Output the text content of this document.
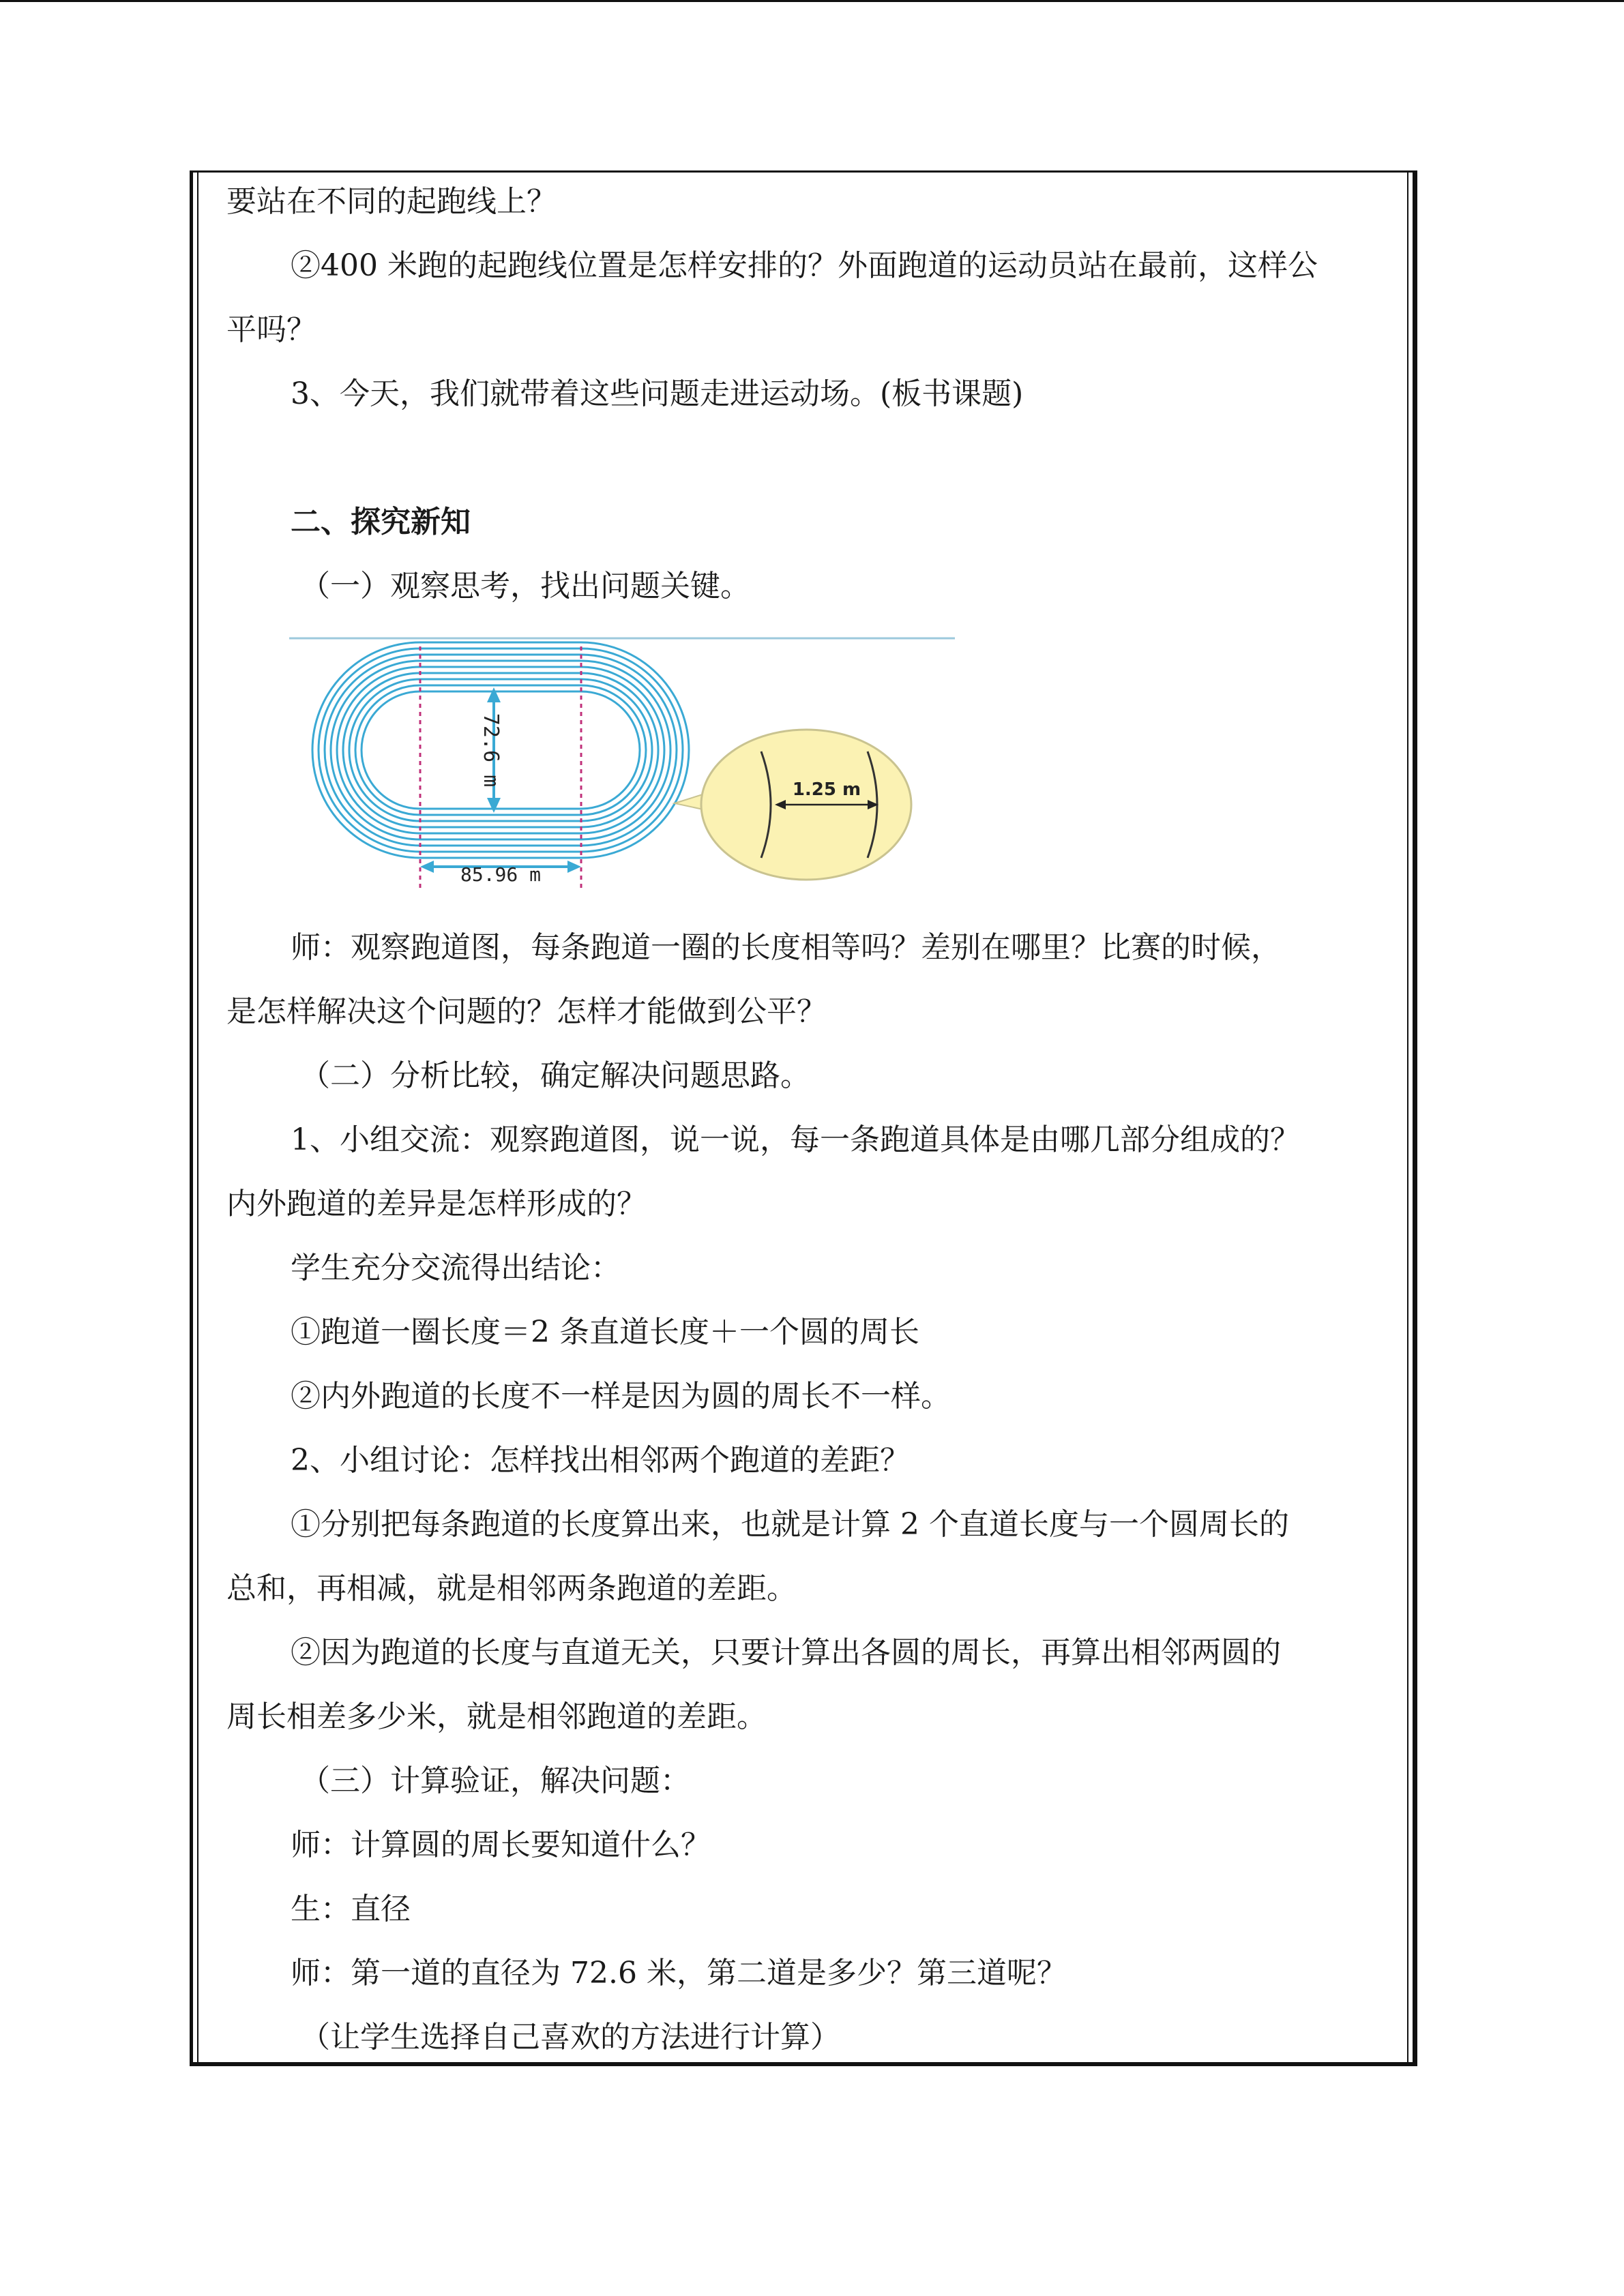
要站在不同的起跑线上？
②400 米跑的起跑线位置是怎样安排的？外面跑道的运动员站在最前，这样公
平吗？
3、今天，我们就带着这些问题走进运动场。(板书课题)
二、探究新知
（一）观察思考，找出问题关键。
72.6 m
85.96 m
1.25 m
师：观察跑道图，每条跑道一圈的长度相等吗？差别在哪里？比赛的时候，
是怎样解决这个问题的？怎样才能做到公平？
（二）分析比较，确定解决问题思路。
1、小组交流：观察跑道图，说一说，每一条跑道具体是由哪几部分组成的？
内外跑道的差异是怎样形成的？
学生充分交流得出结论：
①跑道一圈长度＝2 条直道长度＋一个圆的周长
②内外跑道的长度不一样是因为圆的周长不一样。
2、小组讨论：怎样找出相邻两个跑道的差距？
①分别把每条跑道的长度算出来，也就是计算 2 个直道长度与一个圆周长的
总和，再相减，就是相邻两条跑道的差距。
②因为跑道的长度与直道无关，只要计算出各圆的周长，再算出相邻两圆的
周长相差多少米，就是相邻跑道的差距。
（三）计算验证，解决问题：
师：计算圆的周长要知道什么？
生：直径
师：第一道的直径为 72.6 米，第二道是多少？第三道呢？
（让学生选择自己喜欢的方法进行计算）
